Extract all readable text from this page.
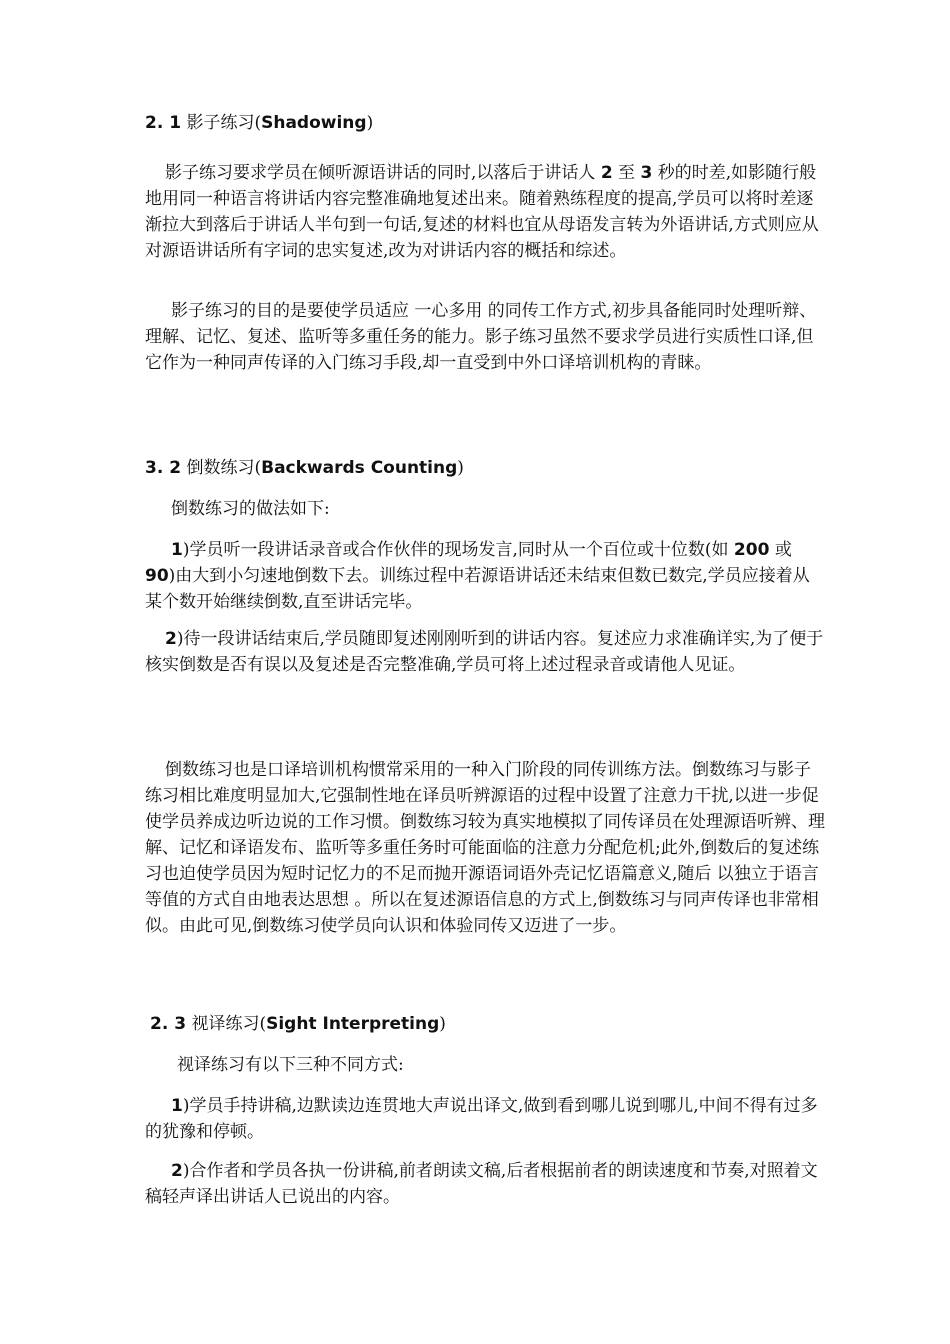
2. 1 影子练习(Shadowing)

影子练习要求学员在倾听源语讲话的同时,以落后于讲话人 2 至 3 秒的时差,如影随行般地用同一种语言将讲话内容完整准确地复述出来。随着熟练程度的提高,学员可以将时差逐渐拉大到落后于讲话人半句到一句话,复述的材料也宜从母语发言转为外语讲话,方式则应从对源语讲话所有字词的忠实复述,改为对讲话内容的概括和综述。

影子练习的目的是要使学员适应 一心多用 的同传工作方式,初步具备能同时处理听辩、理解、记忆、复述、监听等多重任务的能力。影子练习虽然不要求学员进行实质性口译,但它作为一种同声传译的入门练习手段,却一直受到中外口译培训机构的青睐。

3. 2 倒数练习(Backwards Counting)

倒数练习的做法如下:

1)学员听一段讲话录音或合作伙伴的现场发言,同时从一个百位或十位数(如 200 或 90)由大到小匀速地倒数下去。训练过程中若源语讲话还未结束但数已数完,学员应接着从某个数开始继续倒数,直至讲话完毕。

2)待一段讲话结束后,学员随即复述刚刚听到的讲话内容。复述应力求准确详实,为了便于核实倒数是否有误以及复述是否完整准确,学员可将上述过程录音或请他人见证。

倒数练习也是口译培训机构惯常采用的一种入门阶段的同传训练方法。倒数练习与影子练习相比难度明显加大,它强制性地在译员听辨源语的过程中设置了注意力干扰,以进一步促使学员养成边听边说的工作习惯。倒数练习较为真实地模拟了同传译员在处理源语听辨、理解、记忆和译语发布、监听等多重任务时可能面临的注意力分配危机;此外,倒数后的复述练习也迫使学员因为短时记忆力的不足而抛开源语词语外壳记忆语篇意义,随后 以独立于语言等值的方式自由地表达思想 。所以在复述源语信息的方式上,倒数练习与同声传译也非常相似。由此可见,倒数练习使学员向认识和体验同传又迈进了一步。

2. 3 视译练习(Sight Interpreting)

视译练习有以下三种不同方式:

1)学员手持讲稿,边默读边连贯地大声说出译文,做到看到哪儿说到哪儿,中间不得有过多的犹豫和停顿。

2)合作者和学员各执一份讲稿,前者朗读文稿,后者根据前者的朗读速度和节奏,对照着文稿轻声译出讲话人已说出的内容。
